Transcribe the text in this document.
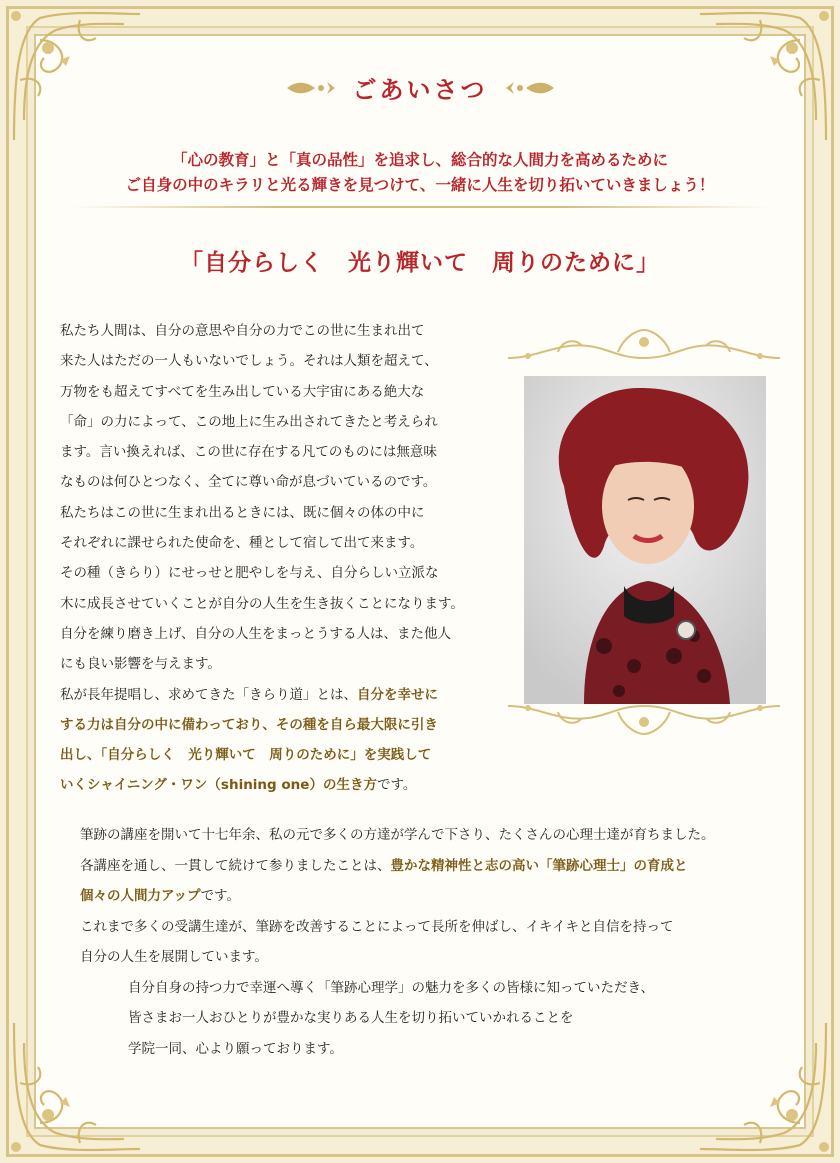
ごあいさつ
「心の教育」と「真の品性」を追求し、総合的な人間力を高めるために
ご自身の中のキラリと光る輝きを見つけて、一緒に人生を切り拓いていきましょう！
「自分らしく　光り輝いて　周りのために」

私たち人間は、自分の意思や自分の力でこの世に生まれ出て

来た人はただの一人もいないでしょう。それは人類を超えて、

万物をも超えてすべてを生み出している大宇宙にある絶大な

「命」の力によって、この地上に生み出されてきたと考えられ

ます。言い換えれば、この世に存在する凡てのものには無意味

なものは何ひとつなく、全てに尊い命が息づいているのです。

私たちはこの世に生まれ出るときには、既に個々の体の中に

それぞれに課せられた使命を、種として宿して出て来ます。

その種（きらり）にせっせと肥やしを与え、自分らしい立派な

木に成長させていくことが自分の人生を生き抜くことになります。

自分を練り磨き上げ、自分の人生をまっとうする人は、また他人

にも良い影響を与えます。

私が長年提唱し、求めてきた「きらり道」とは、自分を幸せに

する力は自分の中に備わっており、その種を自ら最大限に引き

出し、「自分らしく　光り輝いて　周りのために」を実践して

いくシャイニング・ワン（shining one）の生き方です。

筆跡の講座を開いて十七年余、私の元で多くの方達が学んで下さり、たくさんの心理士達が育ちました。

各講座を通し、一貫して続けて参りましたことは、豊かな精神性と志の高い「筆跡心理士」の育成と

個々の人間力アップです。

これまで多くの受講生達が、筆跡を改善することによって長所を伸ばし、イキイキと自信を持って

自分の人生を展開しています。

自分自身の持つ力で幸運へ導く「筆跡心理学」の魅力を多くの皆様に知っていただき、

皆さまお一人おひとりが豊かな実りある人生を切り拓いていかれることを

学院一同、心より願っております。
